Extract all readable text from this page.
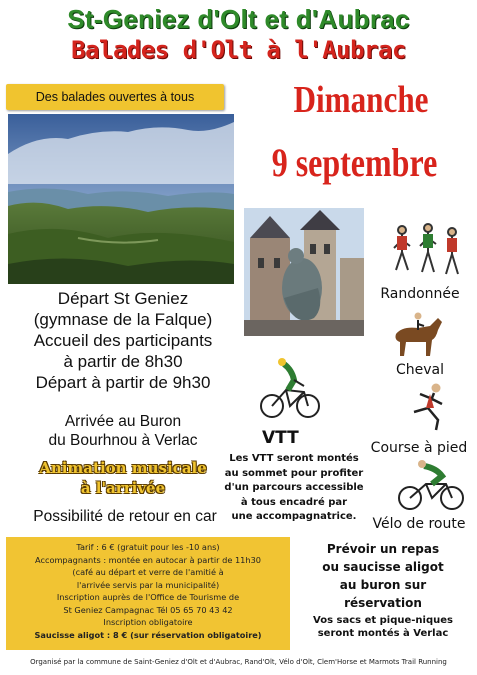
St-Geniez d'Olt et d'Aubrac
Balades d'Olt à l'Aubrac
Des balades ouvertes à tous	Dimanche
9 septembre
Départ St Geniez
(gymnase de la Falque)
Accueil des participants
à partir de 8h30
Départ à partir de 9h30
Arrivée au Buron
du Bourhnou à Verlac
Animation musicale
à l'arrivée
Possibilité de retour en car
Randonnée
Cheval
VTT	Course à pied
Vélo de route
Les VTT seront montés
au sommet pour profiter
d'un parcours accessible
à tous encadré par
une accompagnatrice.
Tarif : 6 € (gratuit pour les -10 ans)
Accompagnants : montée en autocar à partir de 11h30
(café au départ et verre de l'amitié à
l'arrivée servis par la municipalité)
Inscription auprès de l'Office de Tourisme de
St Geniez Campagnac Tél 05 65 70 43 42
Inscription obligatoire
Saucisse aligot : 8 € (sur réservation obligatoire)
Prévoir un repas
ou saucisse aligot
au buron sur
réservation
Vos sacs et pique-niques
seront montés à Verlac
Organisé par la commune de Saint-Geniez d'Olt et d'Aubrac, Rand'Olt, Vélo d'Olt, Clem'Horse et Marmots Trail Running
